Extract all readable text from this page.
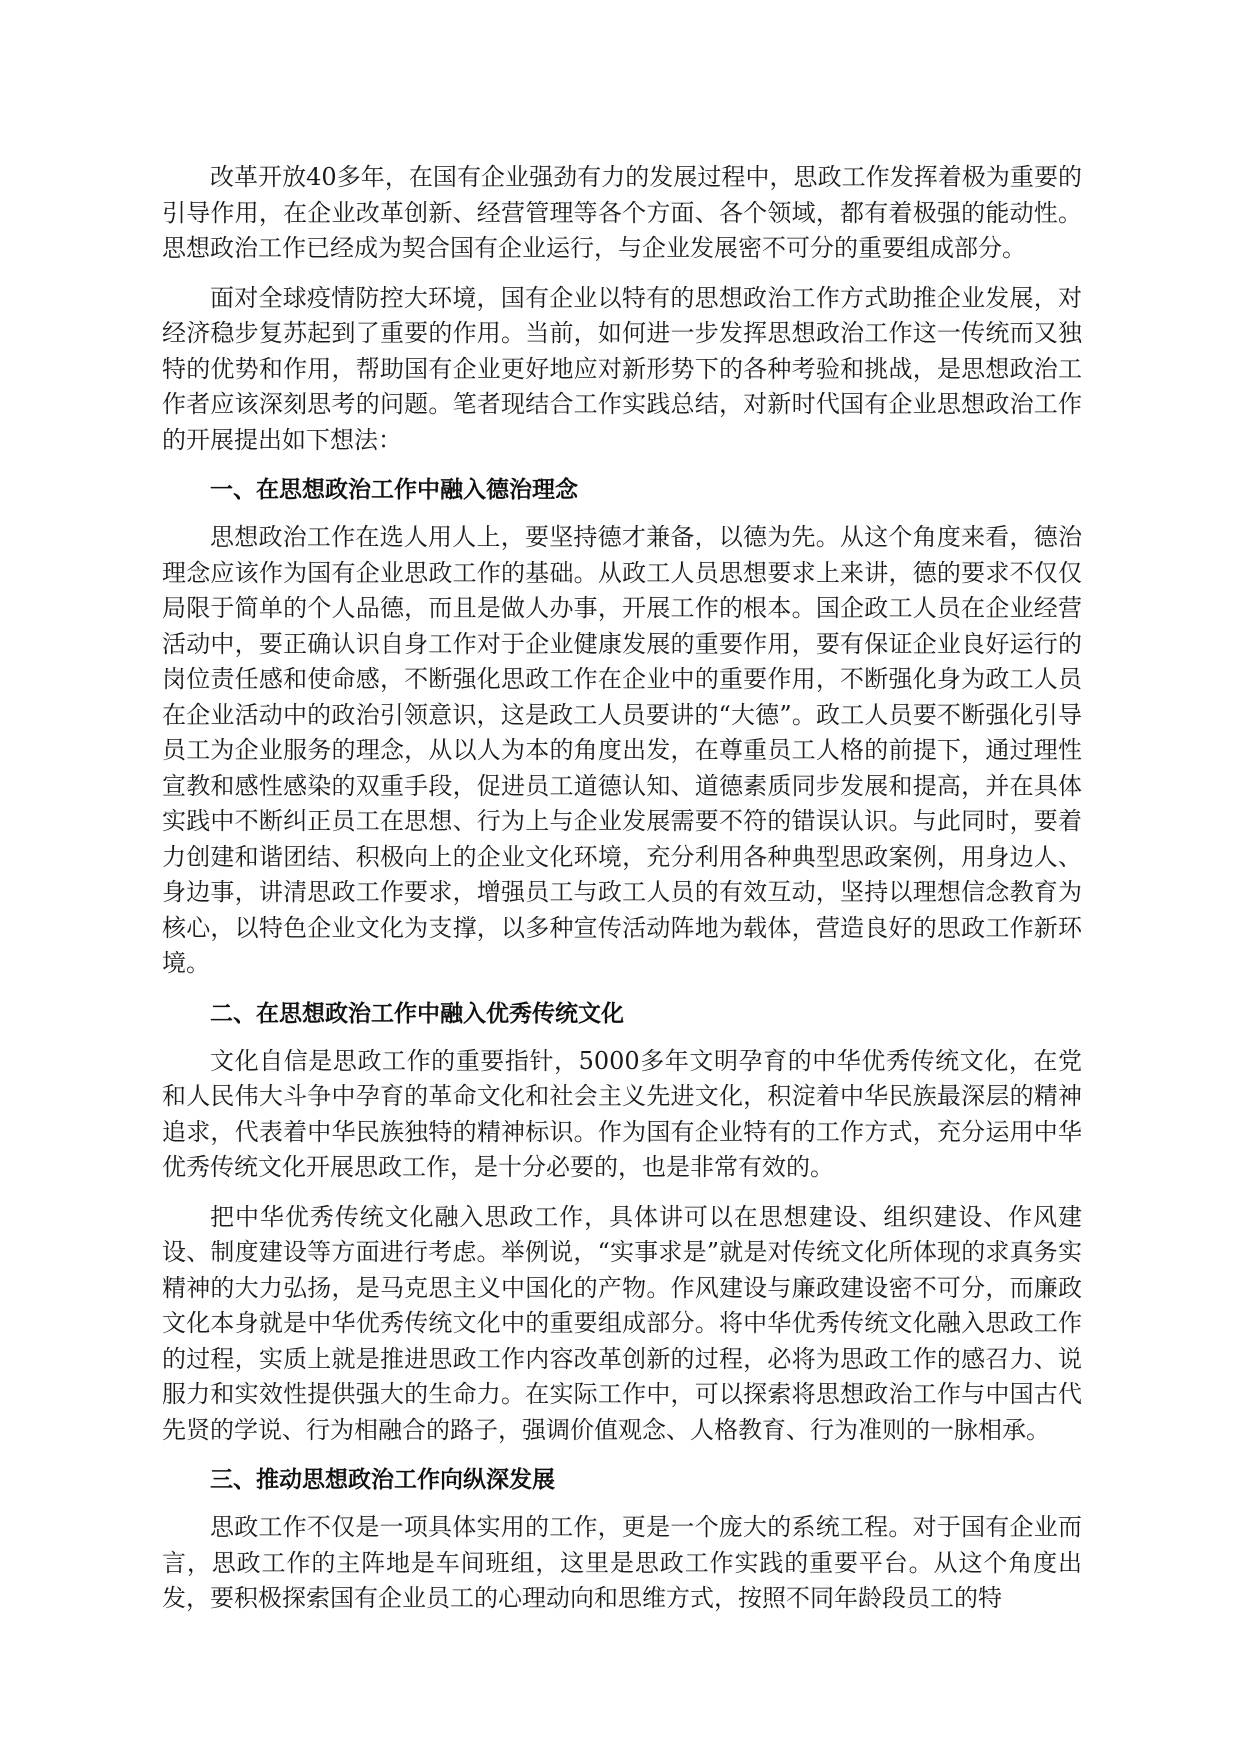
改革开放40多年，在国有企业强劲有力的发展过程中，思政工作发挥着极为重要的引导作用，在企业改革创新、经营管理等各个方面、各个领域，都有着极强的能动性。思想政治工作已经成为契合国有企业运行，与企业发展密不可分的重要组成部分。

面对全球疫情防控大环境，国有企业以特有的思想政治工作方式助推企业发展，对经济稳步复苏起到了重要的作用。当前，如何进一步发挥思想政治工作这一传统而又独特的优势和作用，帮助国有企业更好地应对新形势下的各种考验和挑战，是思想政治工作者应该深刻思考的问题。笔者现结合工作实践总结，对新时代国有企业思想政治工作的开展提出如下想法：

一、在思想政治工作中融入德治理念

思想政治工作在选人用人上，要坚持德才兼备，以德为先。从这个角度来看，德治理念应该作为国有企业思政工作的基础。从政工人员思想要求上来讲，德的要求不仅仅局限于简单的个人品德，而且是做人办事，开展工作的根本。国企政工人员在企业经营活动中，要正确认识自身工作对于企业健康发展的重要作用，要有保证企业良好运行的岗位责任感和使命感，不断强化思政工作在企业中的重要作用，不断强化身为政工人员在企业活动中的政治引领意识，这是政工人员要讲的“大德”。政工人员要不断强化引导员工为企业服务的理念，从以人为本的角度出发，在尊重员工人格的前提下，通过理性宣教和感性感染的双重手段，促进员工道德认知、道德素质同步发展和提高，并在具体实践中不断纠正员工在思想、行为上与企业发展需要不符的错误认识。与此同时，要着力创建和谐团结、积极向上的企业文化环境，充分利用各种典型思政案例，用身边人、身边事，讲清思政工作要求，增强员工与政工人员的有效互动，坚持以理想信念教育为核心，以特色企业文化为支撑，以多种宣传活动阵地为载体，营造良好的思政工作新环境。

二、在思想政治工作中融入优秀传统文化

文化自信是思政工作的重要指针，5000多年文明孕育的中华优秀传统文化，在党和人民伟大斗争中孕育的革命文化和社会主义先进文化，积淀着中华民族最深层的精神追求，代表着中华民族独特的精神标识。作为国有企业特有的工作方式，充分运用中华优秀传统文化开展思政工作，是十分必要的，也是非常有效的。

把中华优秀传统文化融入思政工作，具体讲可以在思想建设、组织建设、作风建设、制度建设等方面进行考虑。举例说，“实事求是”就是对传统文化所体现的求真务实精神的大力弘扬，是马克思主义中国化的产物。作风建设与廉政建设密不可分，而廉政文化本身就是中华优秀传统文化中的重要组成部分。将中华优秀传统文化融入思政工作的过程，实质上就是推进思政工作内容改革创新的过程，必将为思政工作的感召力、说服力和实效性提供强大的生命力。在实际工作中，可以探索将思想政治工作与中国古代先贤的学说、行为相融合的路子，强调价值观念、人格教育、行为准则的一脉相承。

三、推动思想政治工作向纵深发展

思政工作不仅是一项具体实用的工作，更是一个庞大的系统工程。对于国有企业而言，思政工作的主阵地是车间班组，这里是思政工作实践的重要平台。从这个角度出发，要积极探索国有企业员工的心理动向和思维方式，按照不同年龄段员工的特
